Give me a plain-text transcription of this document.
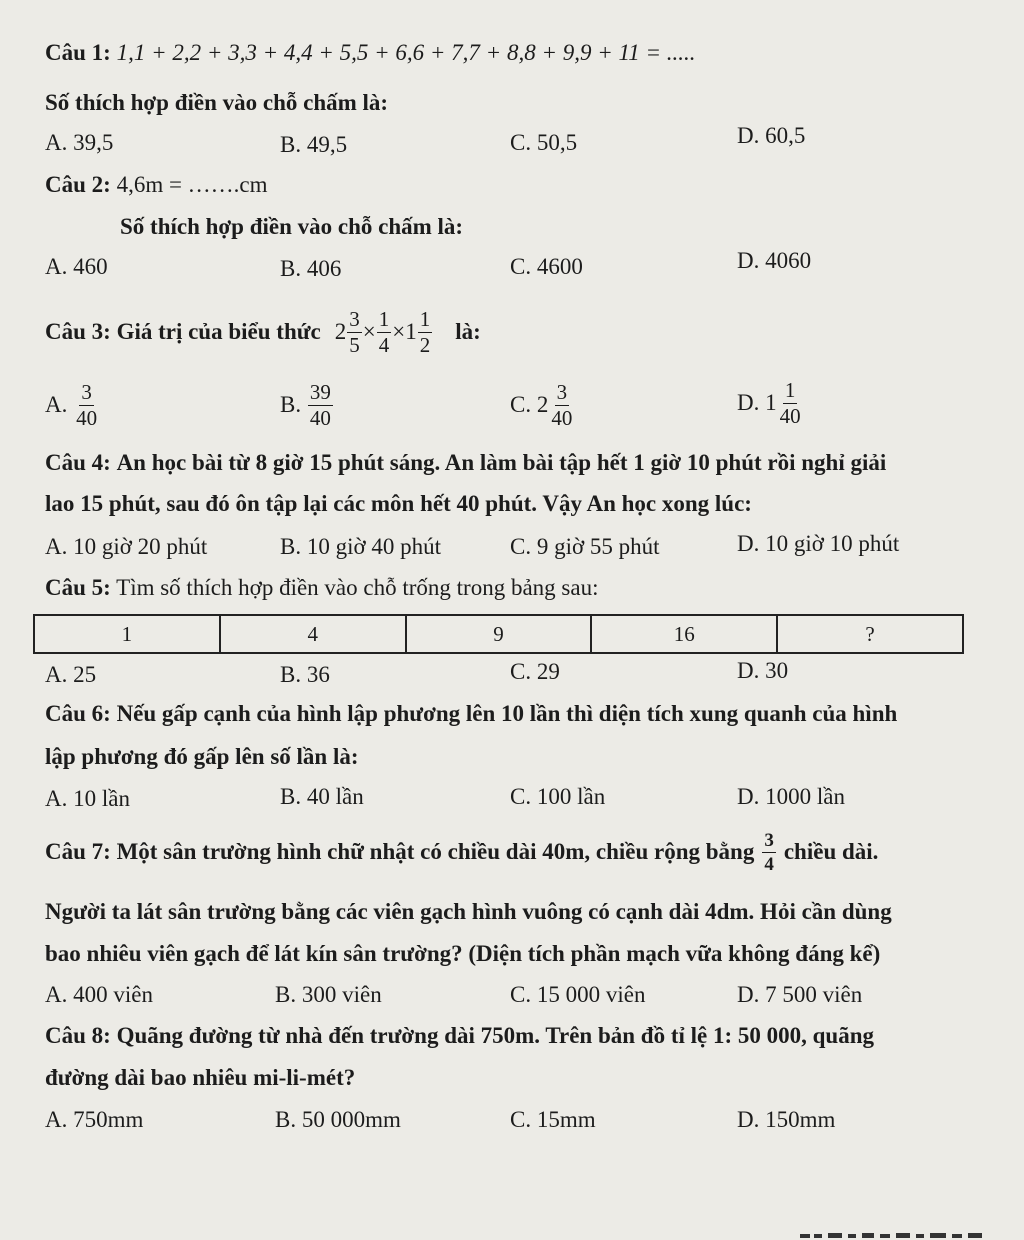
Câu 1: 1,1 + 2,2 + 3,3 + 4,4 + 5,5 + 6,6 + 7,7 + 8,8 + 9,9 + 11 = .....
Số thích hợp điền vào chỗ chấm là:
A. 39,5	B. 49,5	C. 50,5	D. 60,5
Câu 2: 4,6m = …….cm
Số thích hợp điền vào chỗ chấm là:
A. 460	B. 406	C. 4600	D. 4060
Câu 3:
Giá trị của biểu thức $2 \frac{3}{5} \times \frac{1}{4} \times 1 \frac{1}{2}$ là:
A.
$\frac{3}{40}$	B.
$\frac{39}{40}$	C.
$2 \frac{3}{40}$	D.
$1 \frac{1}{40}$
Câu 4: An học bài từ 8 giờ 15 phút sáng. An làm bài tập hết 1 giờ 10 phút rồi nghỉ giải
lao 15 phút, sau đó ôn tập lại các môn hết 40 phút. Vậy An học xong lúc:
A. 10 giờ 20 phút	B. 10 giờ 40 phút	C. 9 giờ 55 phút	D. 10 giờ 10 phút
Câu 5: Tìm số thích hợp điền vào chỗ trống trong bảng sau:
1	4	9	16	?
A. 25	B. 36	C. 29	D. 30
Câu 6: Nếu gấp cạnh của hình lập phương lên 10 lần thì diện tích xung quanh của hình
lập phương đó gấp lên số lần là:
A. 10 lần	B. 40 lần	C. 100 lần	D. 1000 lần
Câu 7:
Một sân trường hình chữ nhật có chiều dài 40m, chiều rộng bằng $\frac{3}{4}$ chiều dài.
Người ta lát sân trường bằng các viên gạch hình vuông có cạnh dài 4dm. Hỏi cần dùng
bao nhiêu viên gạch để lát kín sân trường? (Diện tích phần mạch vữa không đáng kể)
A. 400 viên	B. 300 viên	C. 15 000 viên	D. 7 500 viên
Câu 8: Quãng đường từ nhà đến trường dài 750m. Trên bản đồ tỉ lệ 1: 50 000, quãng
đường dài bao nhiêu mi-li-mét?
A. 750mm	B. 50 000mm	C. 15mm	D. 150mm
